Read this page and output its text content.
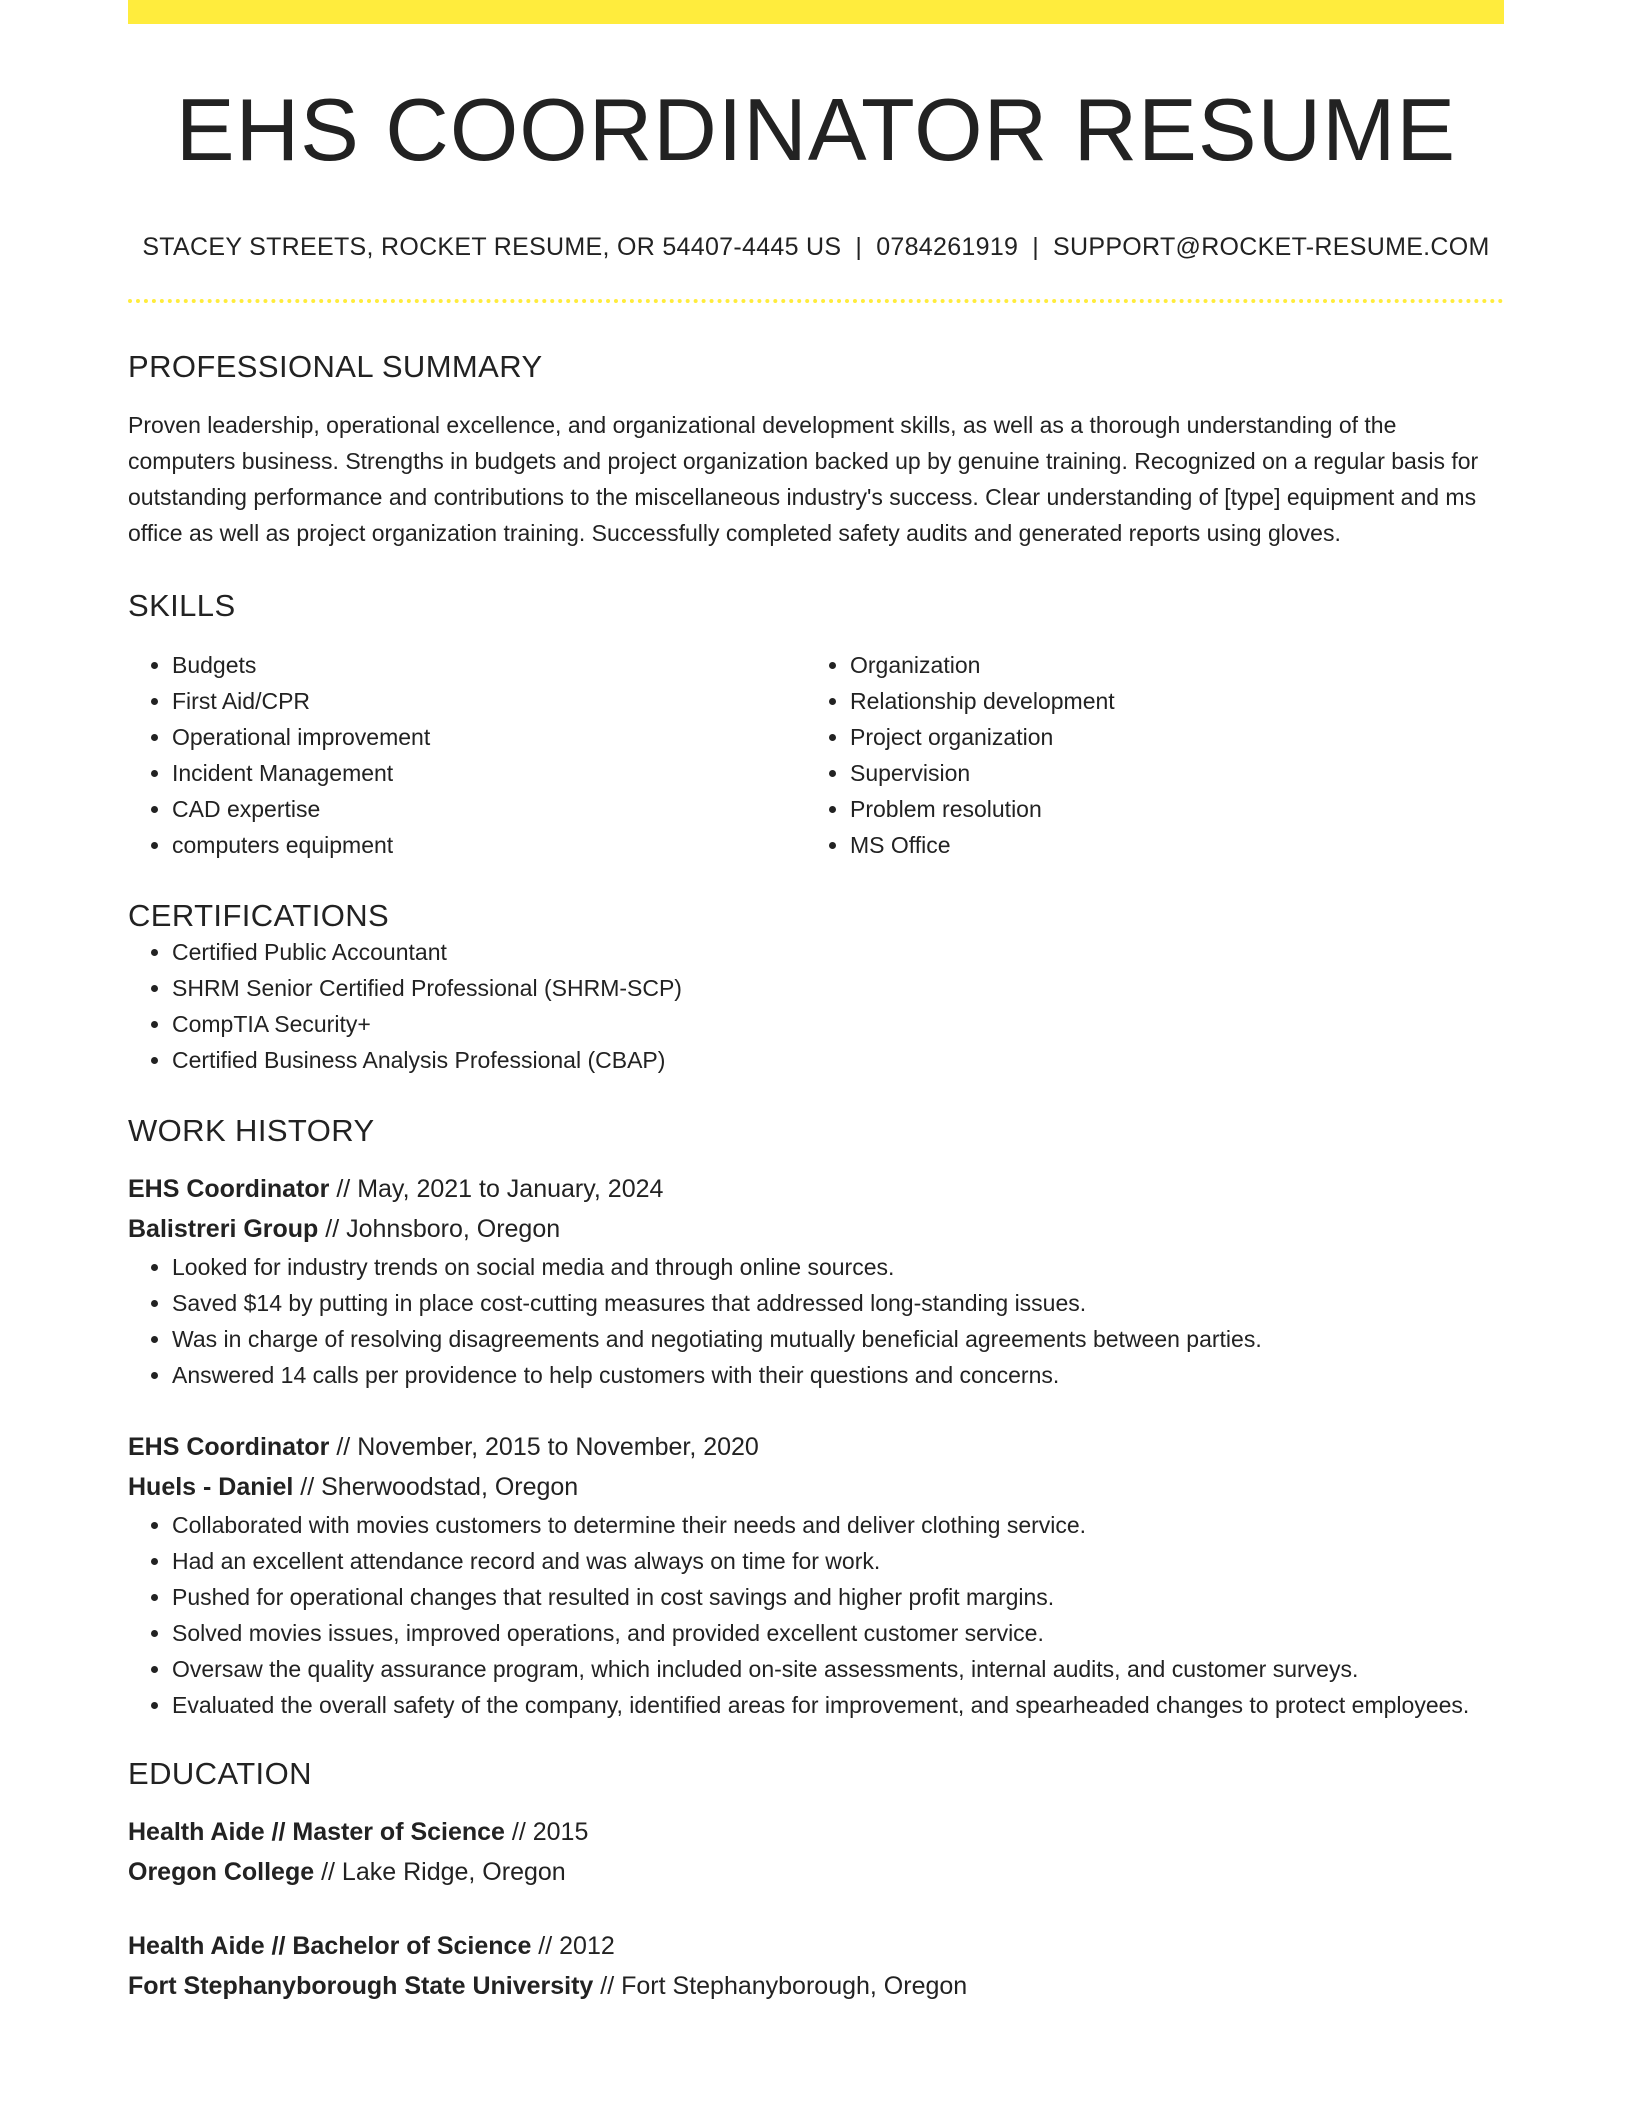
EHS COORDINATOR RESUME
STACEY STREETS, ROCKET RESUME, OR 54407-4445 US | 0784261919 | SUPPORT@ROCKET-RESUME.COM
PROFESSIONAL SUMMARY
Proven leadership, operational excellence, and organizational development skills, as well as a thorough understanding of the computers business. Strengths in budgets and project organization backed up by genuine training. Recognized on a regular basis for outstanding performance and contributions to the miscellaneous industry's success. Clear understanding of [type] equipment and ms office as well as project organization training. Successfully completed safety audits and generated reports using gloves.
SKILLS
• Budgets
• First Aid/CPR
• Operational improvement
• Incident Management
• CAD expertise
• computers equipment
• Organization
• Relationship development
• Project organization
• Supervision
• Problem resolution
• MS Office
CERTIFICATIONS
• Certified Public Accountant
• SHRM Senior Certified Professional (SHRM-SCP)
• CompTIA Security+
• Certified Business Analysis Professional (CBAP)
WORK HISTORY
EHS Coordinator // May, 2021 to January, 2024
Balistreri Group // Johnsboro, Oregon
• Looked for industry trends on social media and through online sources.
• Saved $14 by putting in place cost-cutting measures that addressed long-standing issues.
• Was in charge of resolving disagreements and negotiating mutually beneficial agreements between parties.
• Answered 14 calls per providence to help customers with their questions and concerns.
EHS Coordinator // November, 2015 to November, 2020
Huels - Daniel // Sherwoodstad, Oregon
• Collaborated with movies customers to determine their needs and deliver clothing service.
• Had an excellent attendance record and was always on time for work.
• Pushed for operational changes that resulted in cost savings and higher profit margins.
• Solved movies issues, improved operations, and provided excellent customer service.
• Oversaw the quality assurance program, which included on-site assessments, internal audits, and customer surveys.
• Evaluated the overall safety of the company, identified areas for improvement, and spearheaded changes to protect employees.
EDUCATION
Health Aide // Master of Science // 2015
Oregon College // Lake Ridge, Oregon
Health Aide // Bachelor of Science // 2012
Fort Stephanyborough State University // Fort Stephanyborough, Oregon
